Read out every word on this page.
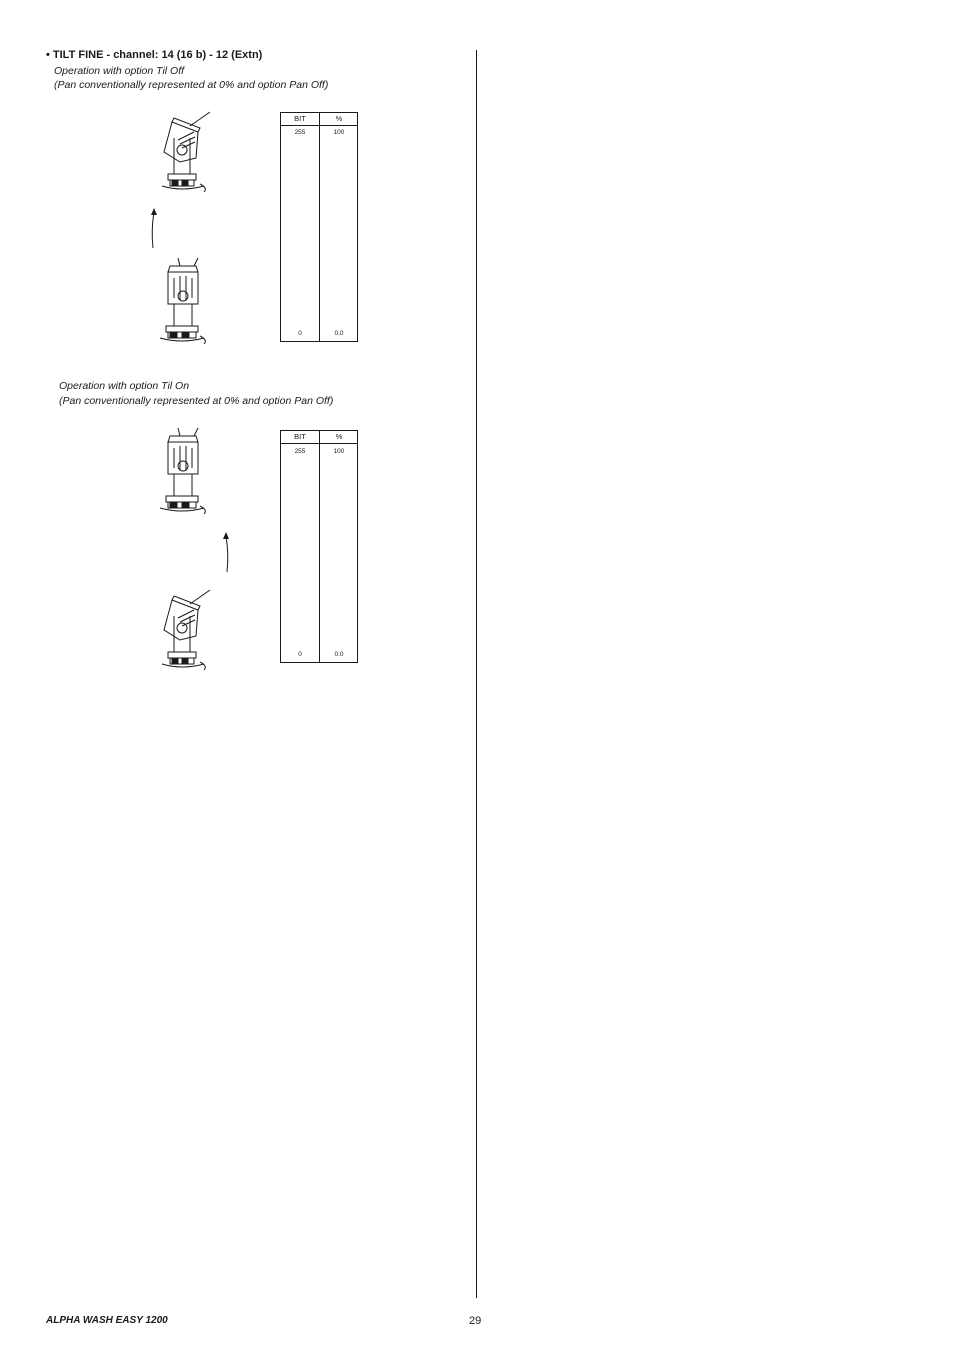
• TILT FINE - channel: 14 (16 b) - 12 (Extn)
Operation with option Til Off
(Pan conventionally represented at 0% and option Pan Off)
BIT	%
255	100
0	0.0
Operation with option Til On
(Pan conventionally represented at 0% and option Pan Off)
BIT	%
255	100
0	0.0
ALPHA WASH EASY 1200	29
